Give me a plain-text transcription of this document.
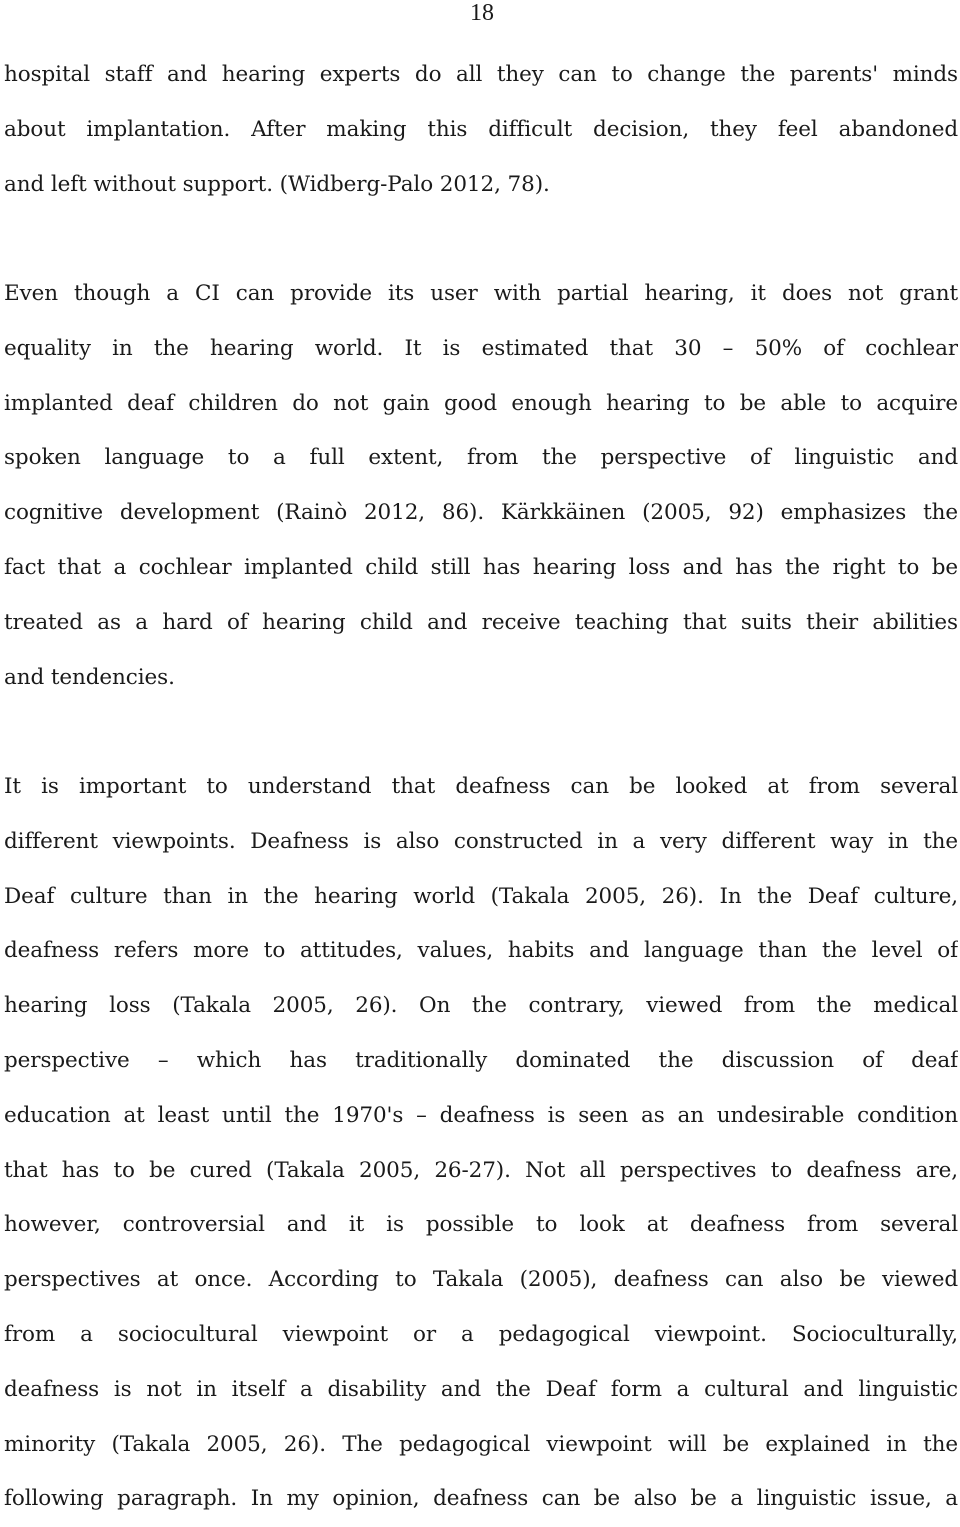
18
hospital staff and hearing experts do all they can to change the parents' minds
about implantation. After making this difficult decision, they feel abandoned
and left without support. (Widberg-Palo 2012, 78).
Even though a CI can provide its user with partial hearing, it does not grant
equality in the hearing world. It is estimated that 30 – 50% of cochlear
implanted deaf children do not gain good enough hearing to be able to acquire
spoken language to a full extent, from the perspective of linguistic and
cognitive development (Rainò 2012, 86). Kärkkäinen (2005, 92) emphasizes the
fact that a cochlear implanted child still has hearing loss and has the right to be
treated as a hard of hearing child and receive teaching that suits their abilities
and tendencies.
It is important to understand that deafness can be looked at from several
different viewpoints. Deafness is also constructed in a very different way in the
Deaf culture than in the hearing world (Takala 2005, 26). In the Deaf culture,
deafness refers more to attitudes, values, habits and language than the level of
hearing loss (Takala 2005, 26). On the contrary, viewed from the medical
perspective – which has traditionally dominated the discussion of deaf
education at least until the 1970's – deafness is seen as an undesirable condition
that has to be cured (Takala 2005, 26-27). Not all perspectives to deafness are,
however, controversial and it is possible to look at deafness from several
perspectives at once. According to Takala (2005), deafness can also be viewed
from a sociocultural viewpoint or a pedagogical viewpoint. Socioculturally,
deafness is not in itself a disability and the Deaf form a cultural and linguistic
minority (Takala 2005, 26). The pedagogical viewpoint will be explained in the
following paragraph. In my opinion, deafness can be also be a linguistic issue, a
